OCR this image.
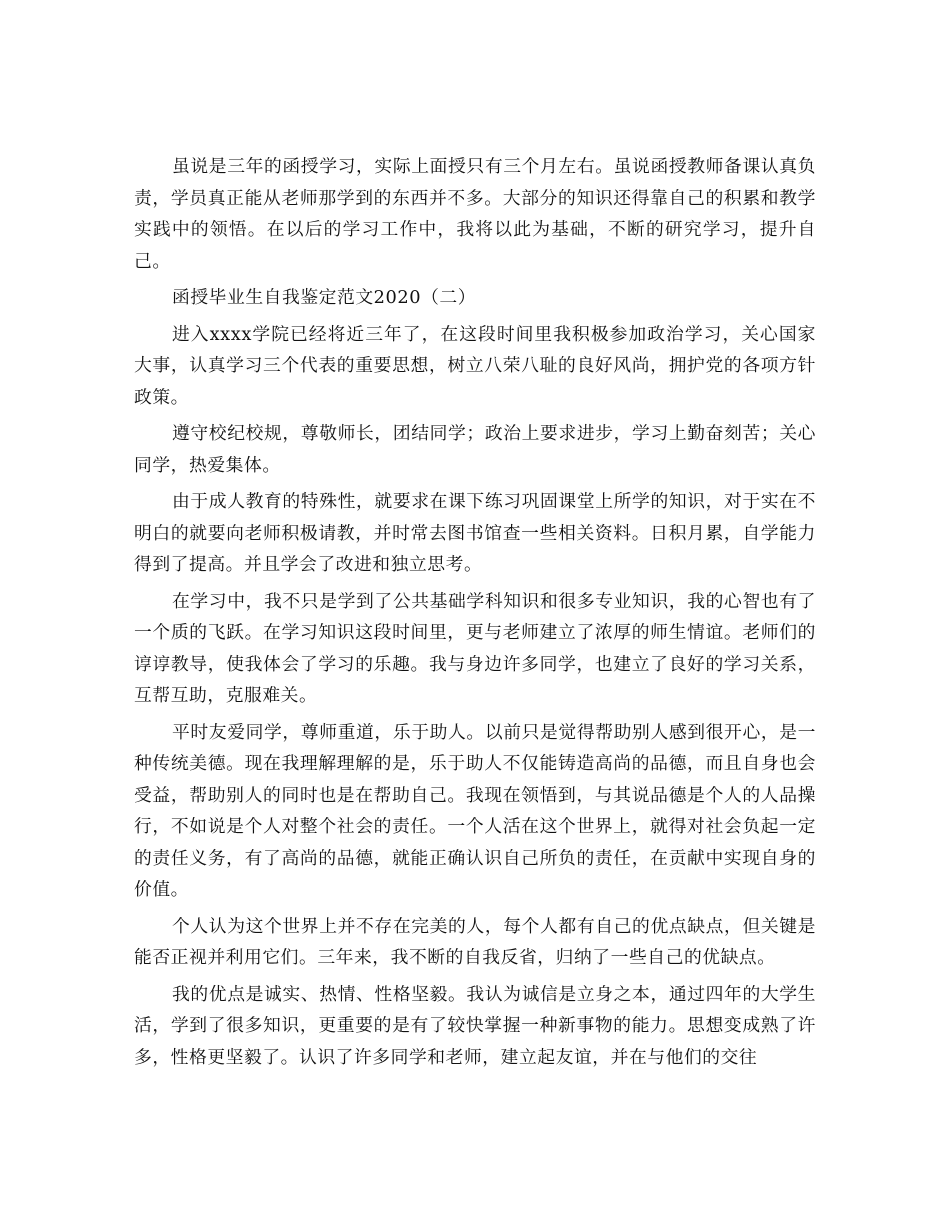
虽说是三年的函授学习，实际上面授只有三个月左右。虽说函授教师备课认真负责，学员真正能从老师那学到的东西并不多。大部分的知识还得靠自己的积累和教学实践中的领悟。在以后的学习工作中，我将以此为基础，不断的研究学习，提升自己。

函授毕业生自我鉴定范文2020（二）

进入xxxx学院已经将近三年了，在这段时间里我积极参加政治学习，关心国家大事，认真学习三个代表的重要思想，树立八荣八耻的良好风尚，拥护党的各项方针政策。

遵守校纪校规，尊敬师长，团结同学；政治上要求进步，学习上勤奋刻苦；关心同学，热爱集体。

由于成人教育的特殊性，就要求在课下练习巩固课堂上所学的知识，对于实在不明白的就要向老师积极请教，并时常去图书馆查一些相关资料。日积月累，自学能力得到了提高。并且学会了改进和独立思考。

在学习中，我不只是学到了公共基础学科知识和很多专业知识，我的心智也有了一个质的飞跃。在学习知识这段时间里，更与老师建立了浓厚的师生情谊。老师们的谆谆教导，使我体会了学习的乐趣。我与身边许多同学，也建立了良好的学习关系，互帮互助，克服难关。

平时友爱同学，尊师重道，乐于助人。以前只是觉得帮助别人感到很开心，是一种传统美德。现在我理解理解的是，乐于助人不仅能铸造高尚的品德，而且自身也会受益，帮助别人的同时也是在帮助自己。我现在领悟到，与其说品德是个人的人品操行，不如说是个人对整个社会的责任。一个人活在这个世界上，就得对社会负起一定的责任义务，有了高尚的品德，就能正确认识自己所负的责任，在贡献中实现自身的价值。

个人认为这个世界上并不存在完美的人，每个人都有自己的优点缺点，但关键是能否正视并利用它们。三年来，我不断的自我反省，归纳了一些自己的优缺点。

我的优点是诚实、热情、性格坚毅。我认为诚信是立身之本，通过四年的大学生活，学到了很多知识，更重要的是有了较快掌握一种新事物的能力。思想变成熟了许多，性格更坚毅了。认识了许多同学和老师，建立起友谊，并在与他们的交往
